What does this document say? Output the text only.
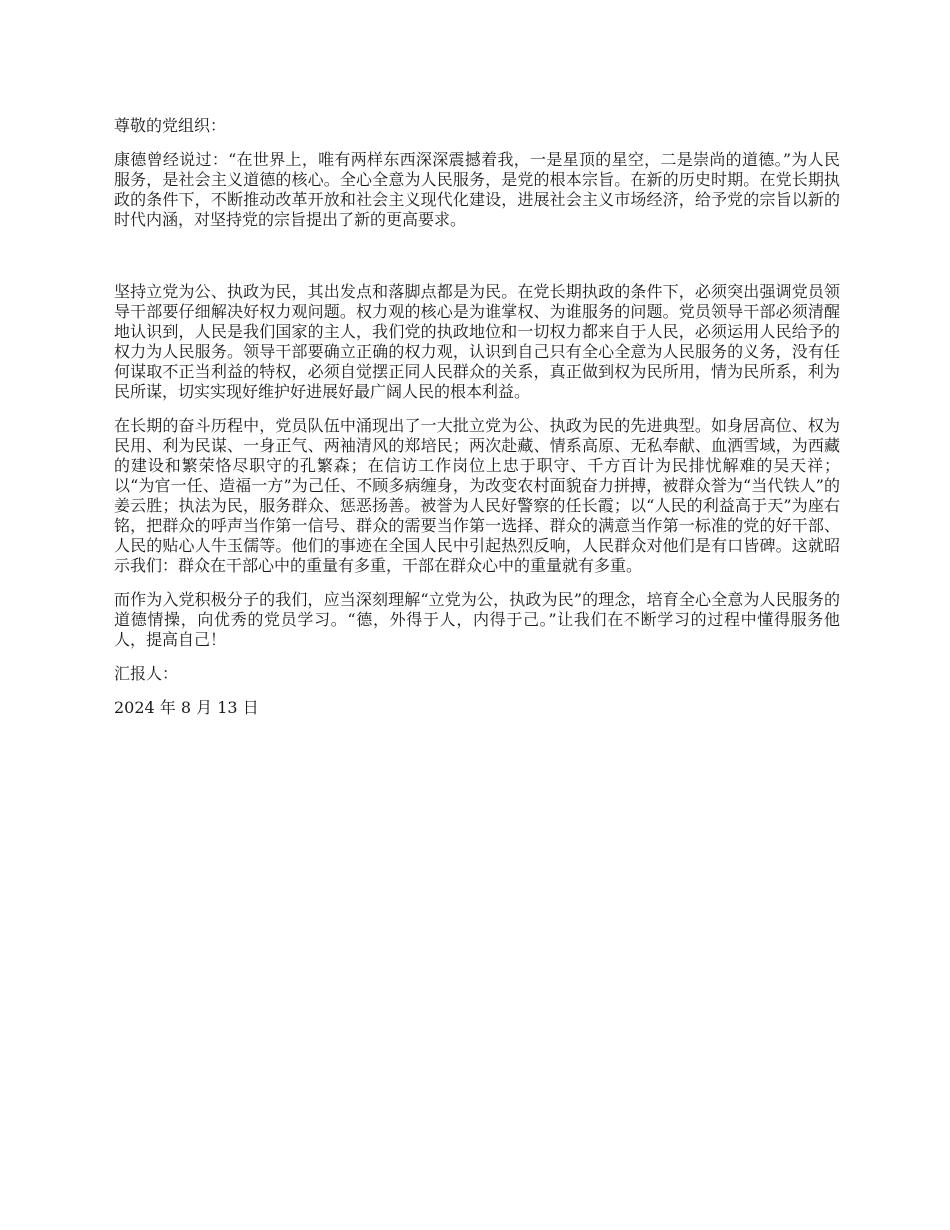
尊敬的党组织：

康德曾经说过：“在世界上，唯有两样东西深深震撼着我，一是星顶的星空，二是崇尚的道德。”为人民服务，是社会主义道德的核心。全心全意为人民服务，是党的根本宗旨。在新的历史时期。在党长期执政的条件下，不断推动改革开放和社会主义现代化建设，进展社会主义市场经济，给予党的宗旨以新的时代内涵，对坚持党的宗旨提出了新的更高要求。

坚持立党为公、执政为民，其出发点和落脚点都是为民。在党长期执政的条件下，必须突出强调党员领导干部要仔细解决好权力观问题。权力观的核心是为谁掌权、为谁服务的问题。党员领导干部必须清醒地认识到，人民是我们国家的主人，我们党的执政地位和一切权力都来自于人民，必须运用人民给予的权力为人民服务。领导干部要确立正确的权力观，认识到自己只有全心全意为人民服务的义务，没有任何谋取不正当利益的特权，必须自觉摆正同人民群众的关系，真正做到权为民所用，情为民所系，利为民所谋，切实实现好维护好进展好最广阔人民的根本利益。

在长期的奋斗历程中，党员队伍中涌现出了一大批立党为公、执政为民的先进典型。如身居高位、权为民用、利为民谋、一身正气、两袖清风的郑培民；两次赴藏、情系高原、无私奉献、血洒雪域，为西藏的建设和繁荣恪尽职守的孔繁森；在信访工作岗位上忠于职守、千方百计为民排忧解难的吴天祥；以“为官一任、造福一方”为己任、不顾多病缠身，为改变农村面貌奋力拼搏，被群众誉为“当代铁人”的姜云胜；执法为民，服务群众、惩恶扬善。被誉为人民好警察的任长霞；以“人民的利益高于天”为座右铭，把群众的呼声当作第一信号、群众的需要当作第一选择、群众的满意当作第一标准的党的好干部、人民的贴心人牛玉儒等。他们的事迹在全国人民中引起热烈反响，人民群众对他们是有口皆碑。这就昭示我们：群众在干部心中的重量有多重，干部在群众心中的重量就有多重。

而作为入党积极分子的我们，应当深刻理解“立党为公，执政为民”的理念，培育全心全意为人民服务的道德情操，向优秀的党员学习。“德，外得于人，内得于己。”让我们在不断学习的过程中懂得服务他人，提高自己！

汇报人：

2024 年 8 月 13 日
